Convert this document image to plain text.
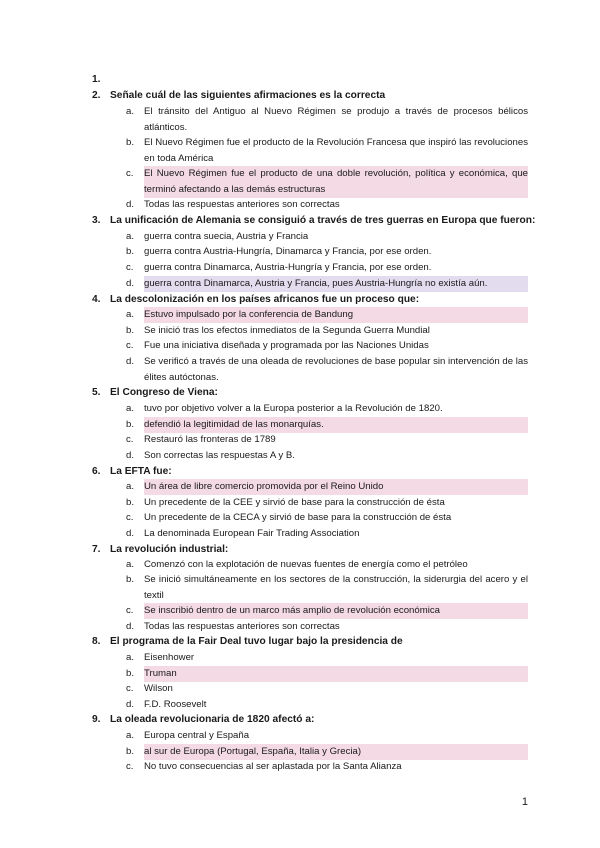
1.
2. Señale cuál de las siguientes afirmaciones es la correcta
a. El tránsito del Antiguo al Nuevo Régimen se produjo a través de procesos bélicos atlánticos.
b. El Nuevo Régimen fue el producto de la Revolución Francesa que inspiró las revoluciones en toda América
c. El Nuevo Régimen fue el producto de una doble revolución, política y económica, que terminó afectando a las demás estructuras
d. Todas las respuestas anteriores son correctas
3. La unificación de Alemania se consiguió a través de tres guerras en Europa que fueron:
a. guerra contra suecia, Austria y Francia
b. guerra contra Austria-Hungría, Dinamarca y Francia, por ese orden.
c. guerra contra Dinamarca, Austria-Hungría y Francia, por ese orden.
d. guerra contra Dinamarca, Austria y Francia, pues Austria-Hungría no existía aún.
4. La descolonización en los países africanos fue un proceso que:
a. Estuvo impulsado por la conferencia de Bandung
b. Se inició tras los efectos inmediatos de la Segunda Guerra Mundial
c. Fue una iniciativa diseñada y programada por las Naciones Unidas
d. Se verificó a través de una oleada de revoluciones de base popular sin intervención de las élites autóctonas.
5. El Congreso de Viena:
a. tuvo por objetivo volver a la Europa posterior a la Revolución de 1820.
b. defendió la legitimidad de las monarquías.
c. Restauró las fronteras de 1789
d. Son correctas las respuestas A y B.
6. La EFTA fue:
a. Un área de libre comercio promovida por el Reino Unido
b. Un precedente de la CEE y sirvió de base para la construcción de ésta
c. Un precedente de la CECA y sirvió de base para la construcción de ésta
d. La denominada European Fair Trading Association
7. La revolución industrial:
a. Comenzó con la explotación de nuevas fuentes de energía como el petróleo
b. Se inició simultáneamente en los sectores de la construcción, la siderurgia del acero y el textil
c. Se inscribió dentro de un marco más amplio de revolución económica
d. Todas las respuestas anteriores son correctas
8. El programa de la Fair Deal tuvo lugar bajo la presidencia de
a. Eisenhower
b. Truman
c. Wilson
d. F.D. Roosevelt
9. La oleada revolucionaria de 1820 afectó a:
a. Europa central y España
b. al sur de Europa (Portugal, España, Italia y Grecia)
c. No tuvo consecuencias al ser aplastada por la Santa Alianza
1
